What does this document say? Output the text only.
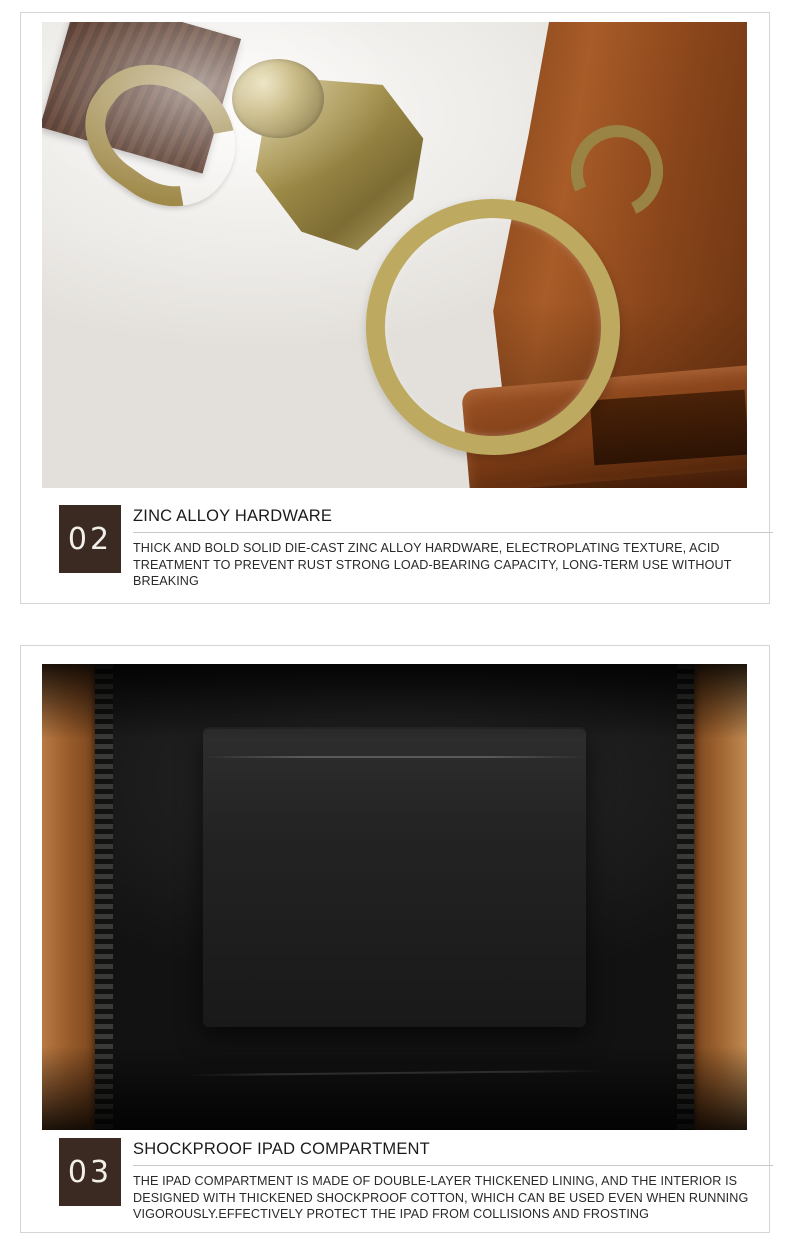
02

ZINC ALLOY HARDWARE

THICK AND BOLD SOLID DIE-CAST ZINC ALLOY HARDWARE, ELECTROPLATING TEXTURE, ACID TREATMENT TO PREVENT RUST STRONG LOAD-BEARING CAPACITY, LONG-TERM USE WITHOUT BREAKING

03

SHOCKPROOF IPAD COMPARTMENT

THE IPAD COMPARTMENT IS MADE OF DOUBLE-LAYER THICKENED LINING, AND THE INTERIOR IS DESIGNED WITH THICKENED SHOCKPROOF COTTON, WHICH CAN BE USED EVEN WHEN RUNNING VIGOROUSLY.EFFECTIVELY PROTECT THE IPAD FROM COLLISIONS AND FROSTING
